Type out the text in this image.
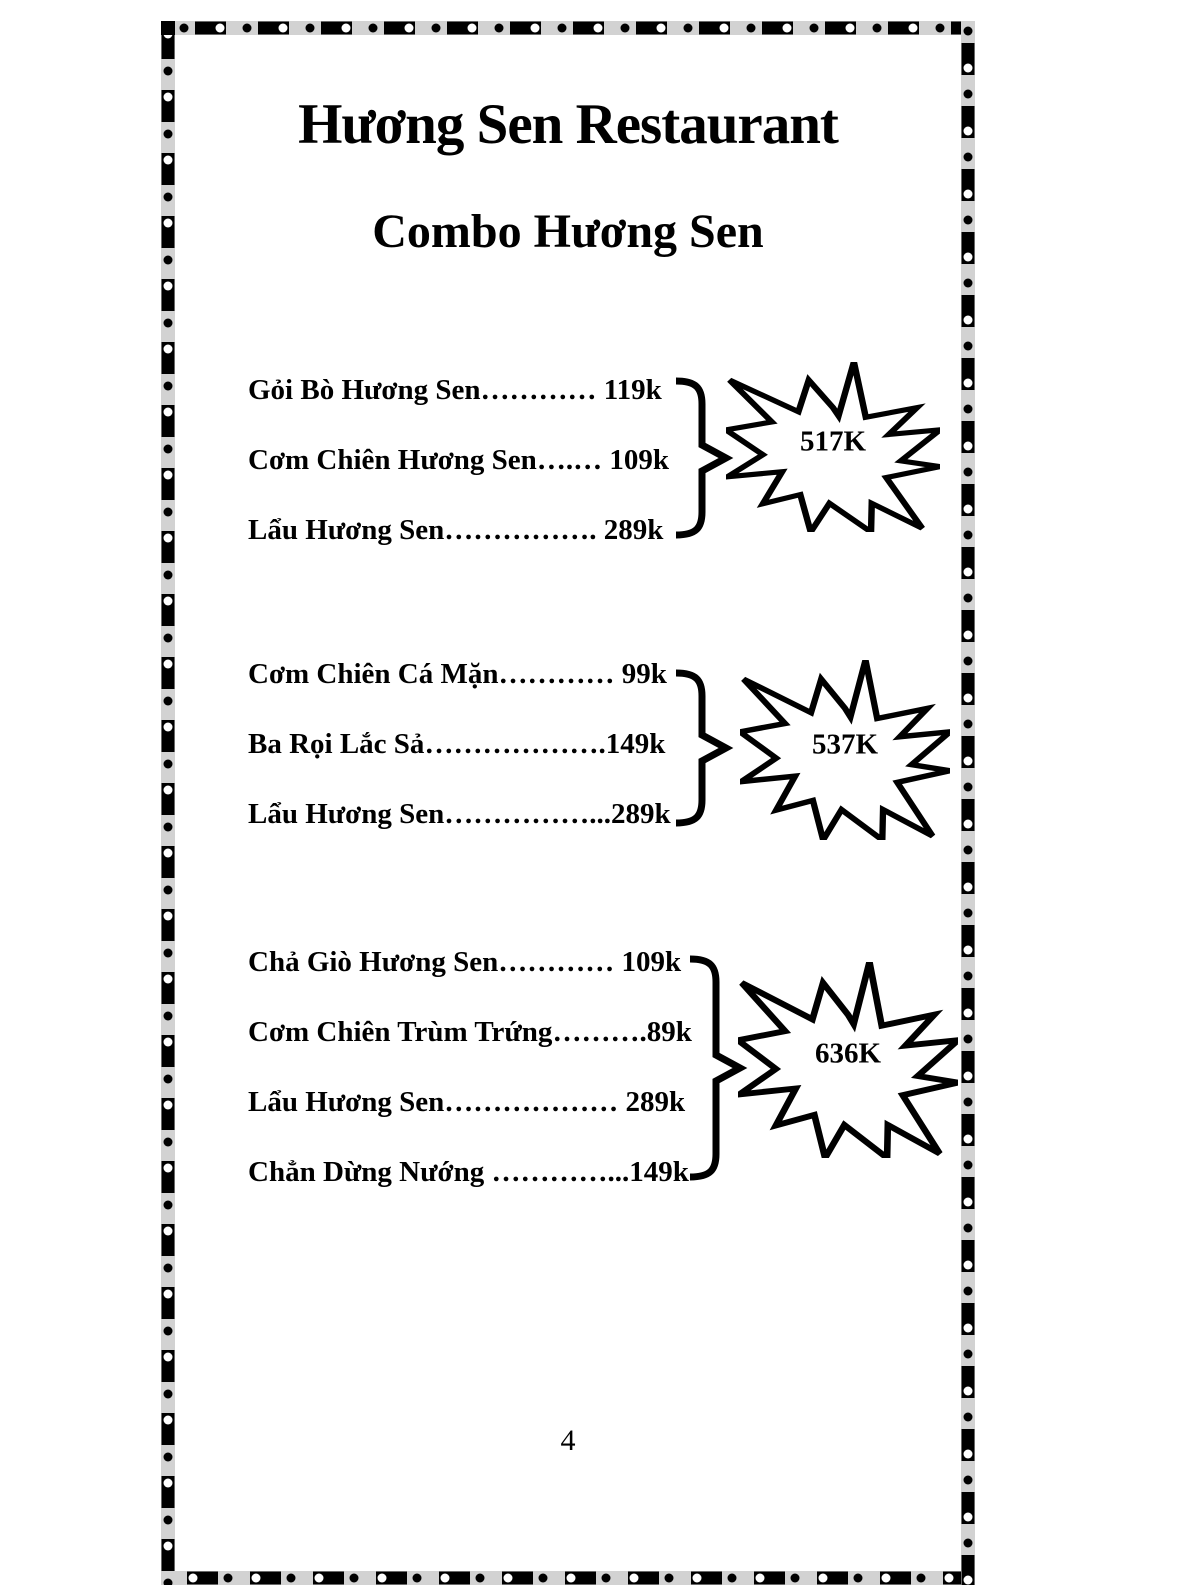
Hương Sen Restaurant
Combo Hương Sen
Gỏi Bò Hương Sen………… 119k
Cơm Chiên Hương Sen….… 109k
Lẩu Hương Sen……………. 289k
517K
Cơm Chiên Cá Mặn………… 99k
Ba Rọi Lắc Sả……………….149k
Lẩu Hương Sen……………...289k
537K
Chả Giò Hương Sen………… 109k
Cơm Chiên Trùm Trứng……….89k
Lẩu Hương Sen……………… 289k
Chẳn Dừng Nướng …………...149k
636K
4
